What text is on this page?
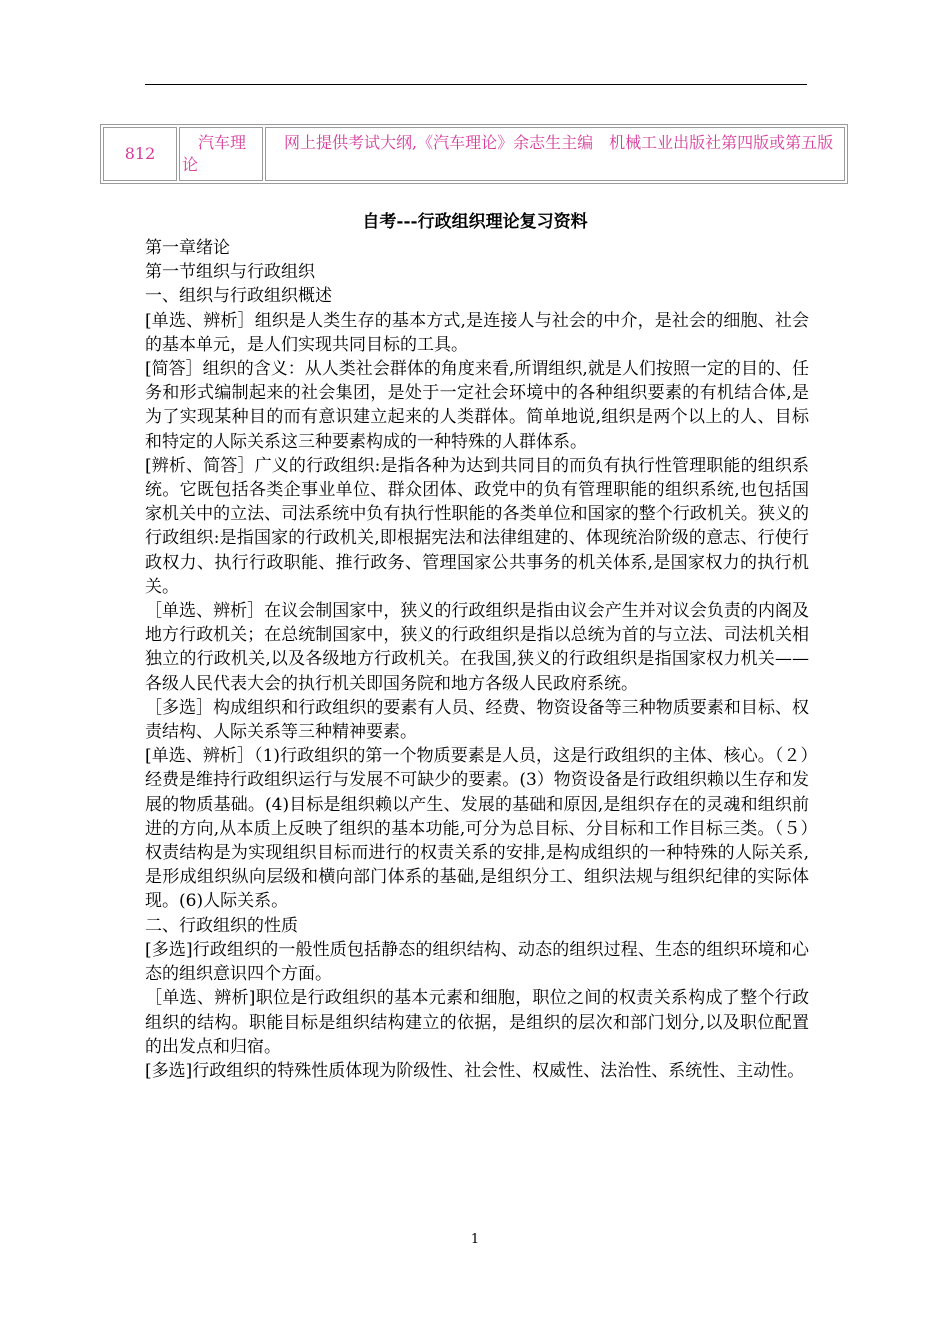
812
汽车理论
网上提供考试大纲,《汽车理论》余志生主编　机械工业出版社第四版或第五版
自考---行政组织理论复习资料

第一章绪论

第一节组织与行政组织

一、组织与行政组织概述

[单选、辨析］组织是人类生存的基本方式,是连接人与社会的中介，是社会的细胞、社会的基本单元，是人们实现共同目标的工具。

[简答］组织的含义：从人类社会群体的角度来看,所谓组织,就是人们按照一定的目的、任务和形式编制起来的社会集团，是处于一定社会环境中的各种组织要素的有机结合体,是为了实现某种目的而有意识建立起来的人类群体。简单地说,组织是两个以上的人、目标和特定的人际关系这三种要素构成的一种特殊的人群体系。

[辨析、简答］广义的行政组织:是指各种为达到共同目的而负有执行性管理职能的组织系统。它既包括各类企事业单位、群众团体、政党中的负有管理职能的组织系统,也包括国家机关中的立法、司法系统中负有执行性职能的各类单位和国家的整个行政机关。狭义的行政组织:是指国家的行政机关,即根据宪法和法律组建的、体现统治阶级的意志、行使行政权力、执行行政职能、推行政务、管理国家公共事务的机关体系,是国家权力的执行机关。

［单选、辨析］在议会制国家中，狭义的行政组织是指由议会产生并对议会负责的内阁及地方行政机关；在总统制国家中，狭义的行政组织是指以总统为首的与立法、司法机关相独立的行政机关,以及各级地方行政机关。在我国,狭义的行政组织是指国家权力机关——各级人民代表大会的执行机关即国务院和地方各级人民政府系统。

［多选］构成组织和行政组织的要素有人员、经费、物资设备等三种物质要素和目标、权责结构、人际关系等三种精神要素。

[单选、辨析］（1)行政组织的第一个物质要素是人员，这是行政组织的主体、核心。（２）经费是维持行政组织运行与发展不可缺少的要素。(3）物资设备是行政组织赖以生存和发展的物质基础。(4)目标是组织赖以产生、发展的基础和原因,是组织存在的灵魂和组织前进的方向,从本质上反映了组织的基本功能,可分为总目标、分目标和工作目标三类。（５）权责结构是为实现组织目标而进行的权责关系的安排,是构成组织的一种特殊的人际关系,是形成组织纵向层级和横向部门体系的基础,是组织分工、组织法规与组织纪律的实际体现。(6)人际关系。

二、行政组织的性质

[多选]行政组织的一般性质包括静态的组织结构、动态的组织过程、生态的组织环境和心态的组织意识四个方面。

［单选、辨析]职位是行政组织的基本元素和细胞，职位之间的权责关系构成了整个行政组织的结构。职能目标是组织结构建立的依据，是组织的层次和部门划分,以及职位配置的出发点和归宿。

[多选]行政组织的特殊性质体现为阶级性、社会性、权威性、法治性、系统性、主动性。

1
